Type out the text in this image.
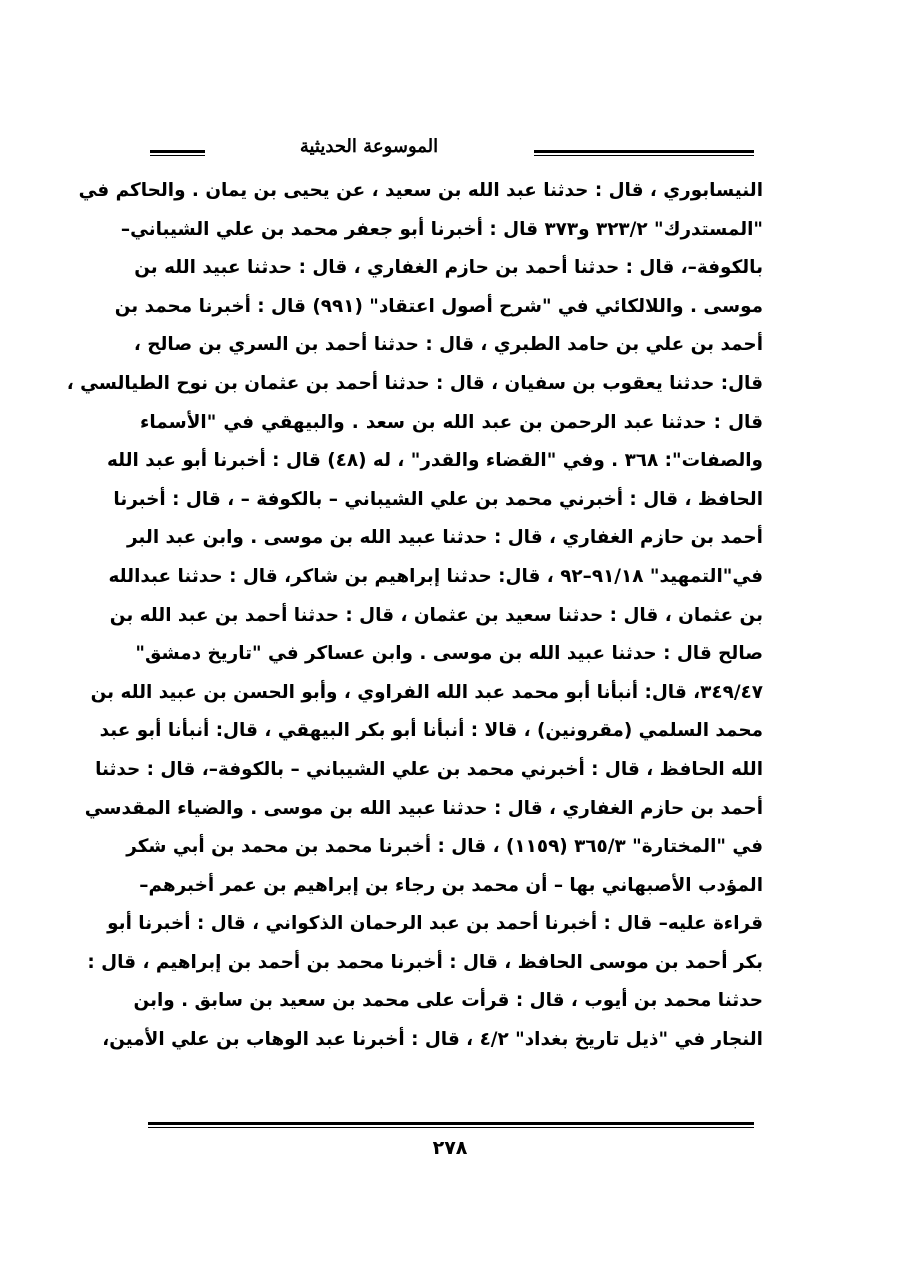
الموسوعة الحديثية
النيسابوري ، قال : حدثنا عبد الله بن سعيد ، عن يحيى بن يمان . والحاكم في
"المستدرك" ٣٢٣/٢ و٣٧٣ قال : أخبرنا أبو جعفر محمد بن علي الشيباني–
بالكوفة–، قال : حدثنا أحمد بن حازم الغفاري ، قال : حدثنا عبيد الله بن
موسى . واللالكائي في "شرح أصول اعتقاد" (٩٩١) قال : أخبرنا محمد بن
أحمد بن علي بن حامد الطبري ، قال : حدثنا أحمد بن السري بن صالح ،
قال: حدثنا يعقوب بن سفيان ، قال : حدثنا أحمد بن عثمان بن نوح الطيالسي ،
قال : حدثنا عبد الرحمن بن عبد الله بن سعد . والبيهقي في "الأسماء
والصفات": ٣٦٨ . وفي "القضاء والقدر" ، له (٤٨) قال : أخبرنا أبو عبد الله
الحافظ ، قال : أخبرني محمد بن علي الشيباني – بالكوفة – ، قال : أخبرنا
أحمد بن حازم الغفاري ، قال : حدثنا عبيد الله بن موسى . وابن عبد البر
في"التمهيد" ٩١/١٨–٩٢ ، قال: حدثنا إبراهيم بن شاكر، قال : حدثنا عبدالله
بن عثمان ، قال : حدثنا سعيد بن عثمان ، قال : حدثنا أحمد بن عبد الله بن
صالح قال : حدثنا عبيد الله بن موسى . وابن عساكر في "تاريخ دمشق"
٣٤٩/٤٧، قال: أنبأنا أبو محمد عبد الله الفراوي ، وأبو الحسن بن عبيد الله بن
محمد السلمي (مقرونين) ، قالا : أنبأنا أبو بكر البيهقي ، قال: أنبأنا أبو عبد
الله الحافظ ، قال : أخبرني محمد بن علي الشيباني – بالكوفة–، قال : حدثنا
أحمد بن حازم الغفاري ، قال : حدثنا عبيد الله بن موسى . والضياء المقدسي
في "المختارة" ٣٦٥/٣ (١١٥٩) ، قال : أخبرنا محمد بن محمد بن أبي شكر
المؤدب الأصبهاني بها – أن محمد بن رجاء بن إبراهيم بن عمر أخبرهم–
قراءة عليه– قال : أخبرنا أحمد بن عبد الرحمان الذكواني ، قال : أخبرنا أبو
بكر أحمد بن موسى الحافظ ، قال : أخبرنا محمد بن أحمد بن إبراهيم ، قال :
حدثنا محمد بن أيوب ، قال : قرأت على محمد بن سعيد بن سابق . وابن
النجار في "ذيل تاريخ بغداد" ٤/٢ ، قال : أخبرنا عبد الوهاب بن علي الأمين،
٢٧٨
